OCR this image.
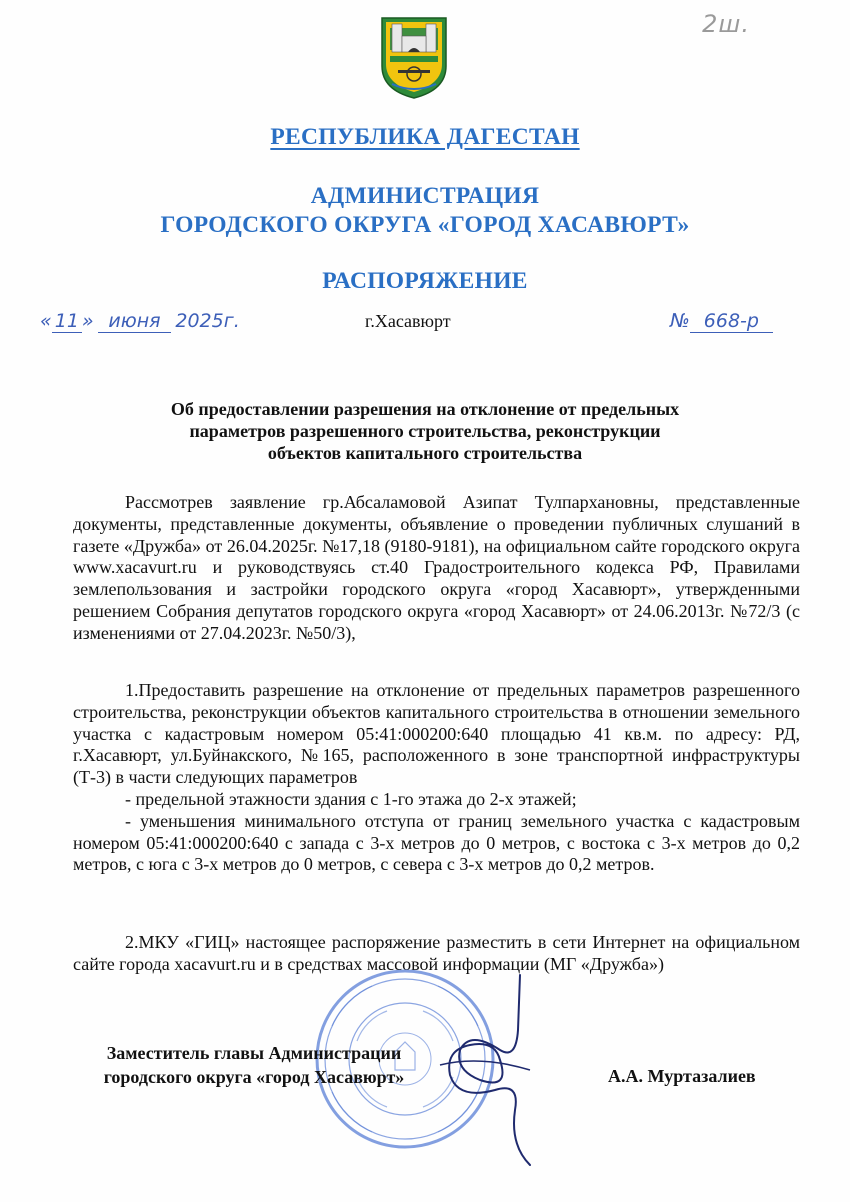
2ш.
РЕСПУБЛИКА ДАГЕСТАН
АДМИНИСТРАЦИЯ
ГОРОДСКОГО ОКРУГА «ГОРОД ХАСАВЮРТ»
РАСПОРЯЖЕНИЕ
« 11 » июня 2025г.	г.Хасавюрт	№ 668-р
Об предоставлении разрешения на отклонение от предельных
параметров разрешенного строительства, реконструкции
объектов капитального строительства
Рассмотрев заявление гр.Абсаламовой Азипат Тулпархановны, представленные документы, представленные документы, объявление о проведении публичных слушаний в газете «Дружба» от 26.04.2025г. №17,18 (9180-9181), на официальном сайте городского округа www.xacavurt.ru и руководствуясь ст.40 Градостроительного кодекса РФ, Правилами землепользования и застройки городского округа «город Хасавюрт», утвержденными решением Собрания депутатов городского округа «город Хасавюрт» от 24.06.2013г. №72/3 (с изменениями от 27.04.2023г. №50/3),
1.Предоставить разрешение на отклонение от предельных параметров разрешенного строительства, реконструкции объектов капитального строительства в отношении земельного участка с кадастровым номером 05:41:000200:640 площадью 41 кв.м. по адресу: РД, г.Хасавюрт, ул.Буйнакского, №165, расположенного в зоне транспортной инфраструктуры (Т-3) в части следующих параметров
- предельной этажности здания с 1-го этажа до 2-х этажей;
- уменьшения минимального отступа от границ земельного участка с кадастровым номером 05:41:000200:640 с запада с 3-х метров до 0 метров, с востока с 3-х метров до 0,2 метров, с юга с 3-х метров до 0 метров, с севера с 3-х метров до 0,2 метров.
2.МКУ «ГИЦ» настоящее распоряжение разместить в сети Интернет на официальном сайте города xacavurt.ru и в средствах массовой информации (МГ «Дружба»)
Заместитель главы Администрации
городского округа «город Хасавюрт»	А.А. Муртазалиев
